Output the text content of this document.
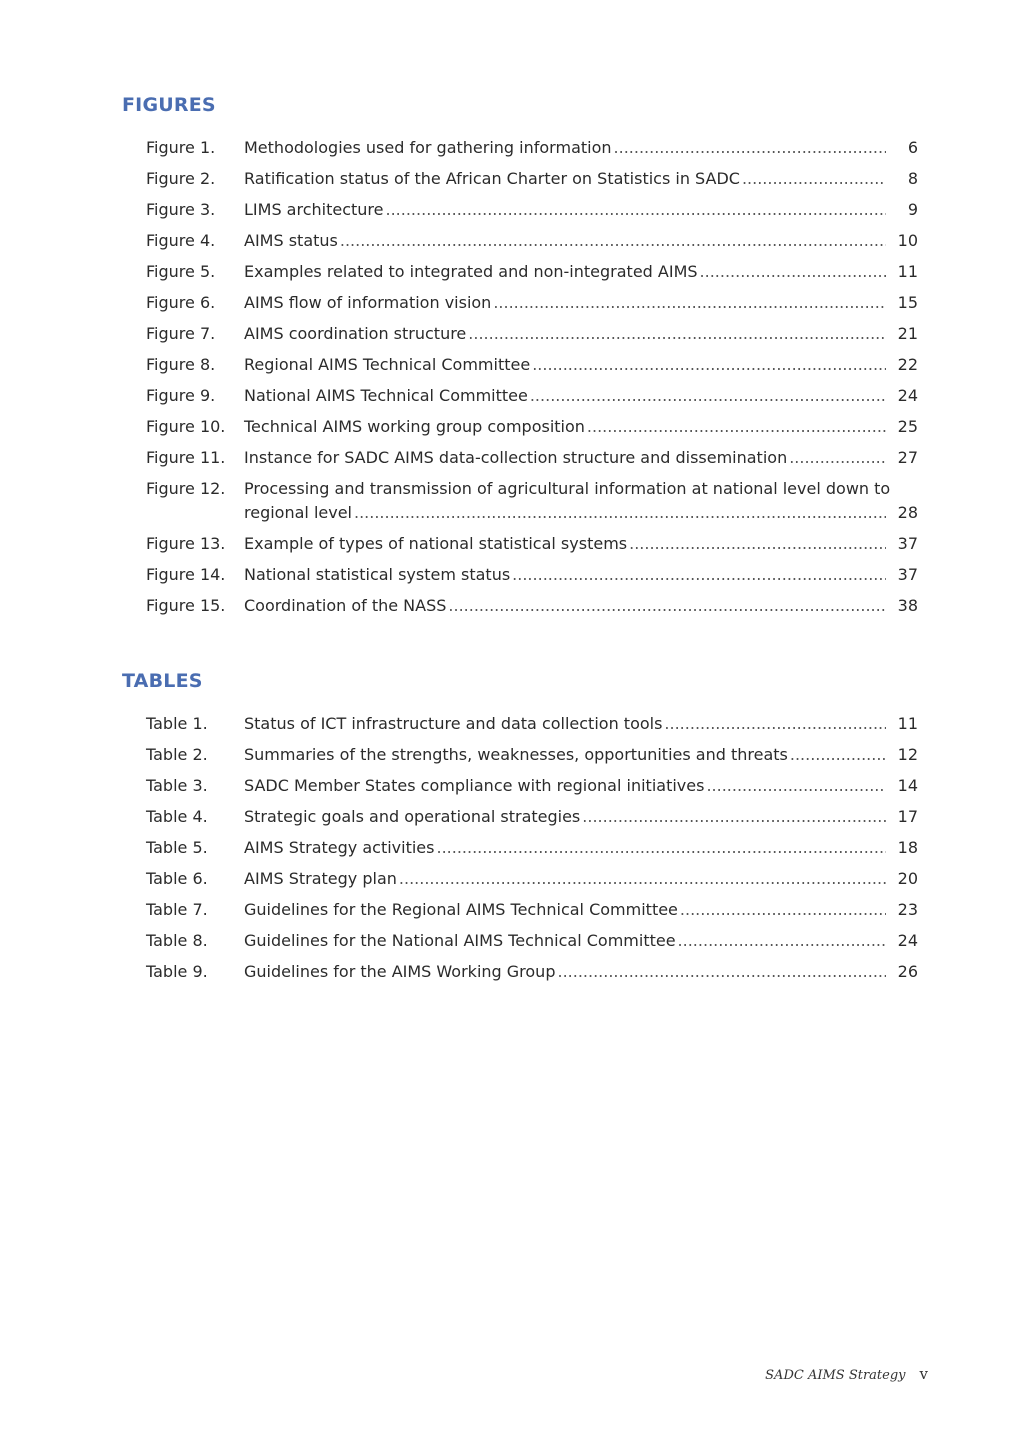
FIGURES
Figure 1. Methodologies used for gathering information .....	6
Figure 2. Ratification status of the African Charter on Statistics in SADC .....	8
Figure 3. LIMS architecture .....	9
Figure 4. AIMS status .....	10
Figure 5. Examples related to integrated and non-integrated AIMS .....	11
Figure 6. AIMS flow of information vision .....	15
Figure 7. AIMS coordination structure .....	21
Figure 8. Regional AIMS Technical Committee .....	22
Figure 9. National AIMS Technical Committee .....	24
Figure 10. Technical AIMS working group composition .....	25
Figure 11. Instance for SADC AIMS data-collection structure and dissemination .....	27
Figure 12. Processing and transmission of agricultural information at national level down to
regional level .....	28
Figure 13. Example of types of national statistical systems .....	37
Figure 14. National statistical system status .....	37
Figure 15. Coordination of the NASS .....	38
TABLES
Table 1. Status of ICT infrastructure and data collection tools .....	11
Table 2. Summaries of the strengths, weaknesses, opportunities and threats .....	12
Table 3. SADC Member States compliance with regional initiatives .....	14
Table 4. Strategic goals and operational strategies .....	17
Table 5. AIMS Strategy activities .....	18
Table 6. AIMS Strategy plan .....	20
Table 7. Guidelines for the Regional AIMS Technical Committee .....	23
Table 8. Guidelines for the National AIMS Technical Committee .....	24
Table 9. Guidelines for the AIMS Working Group .....	26
SADC AIMS Strategy v
